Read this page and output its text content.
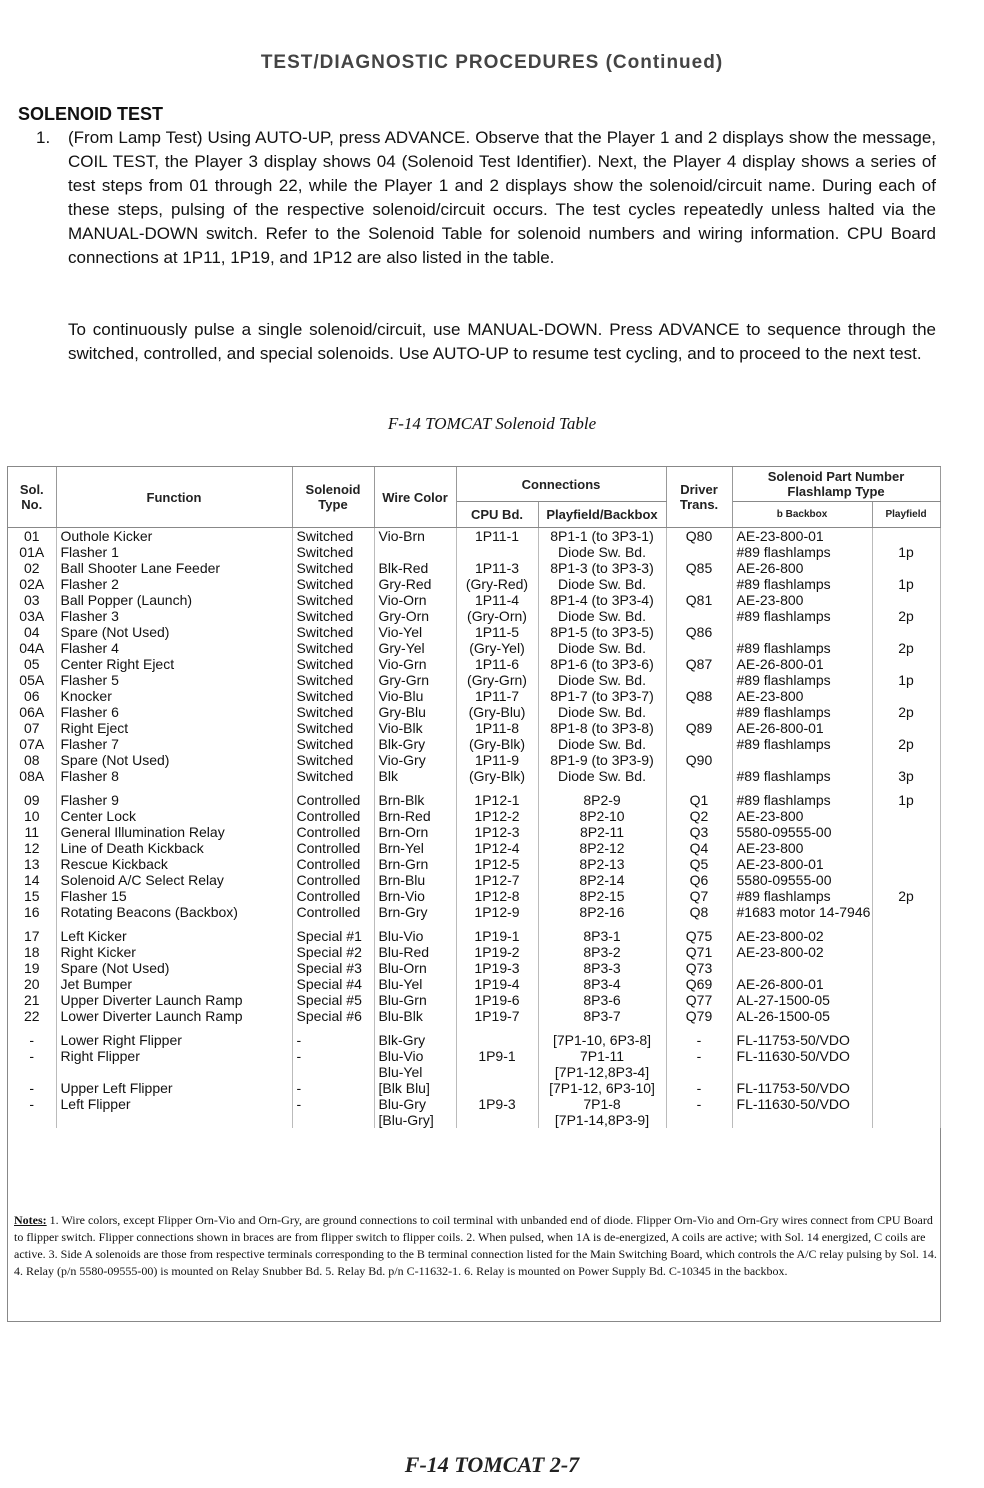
TEST/DIAGNOSTIC PROCEDURES (Continued)
SOLENOID TEST
1. (From Lamp Test) Using AUTO-UP, press ADVANCE. Observe that the Player 1 and 2 displays show the message, COIL TEST, the Player 3 display shows 04 (Solenoid Test Identifier). Next, the Player 4 display shows a series of test steps from 01 through 22, while the Player 1 and 2 displays show the solenoid/circuit name. During each of these steps, pulsing of the respective solenoid/circuit occurs. The test cycles repeatedly unless halted via the MANUAL-DOWN switch. Refer to the Solenoid Table for solenoid numbers and wiring information. CPU Board connections at 1P11, 1P19, and 1P12 are also listed in the table.
To continuously pulse a single solenoid/circuit, use MANUAL-DOWN. Press ADVANCE to sequence through the switched, controlled, and special solenoids. Use AUTO-UP to resume test cycling, and to proceed to the next test.
F-14 TOMCAT Solenoid Table
Sol. No.	Function	Solenoid Type	Wire Color	Connections		Driver Trans.	Solenoid Part Number Flashlamp Type	
				CPU Bd.	Playfield/Backbox		b Backbox	Playfield
01	Outhole Kicker	Switched	Vio-Brn	1P11-1	8P1-1 (to 3P3-1)	Q80	AE-23-800-01	
01A	Flasher 1	Switched			Diode Sw. Bd.		#89 flashlamps	1p
02	Ball Shooter Lane Feeder	Switched	Blk-Red	1P11-3	8P1-3 (to 3P3-3)	Q85	AE-26-800	
02A	Flasher 2	Switched	Gry-Red	(Gry-Red)	Diode Sw. Bd.		#89 flashlamps	1p
03	Ball Popper (Launch)	Switched	Vio-Orn	1P11-4	8P1-4 (to 3P3-4)	Q81	AE-23-800	
03A	Flasher 3	Switched	Gry-Orn	(Gry-Orn)	Diode Sw. Bd.		#89 flashlamps	2p
04	Spare (Not Used)	Switched	Vio-Yel	1P11-5	8P1-5 (to 3P3-5)	Q86		
04A	Flasher 4	Switched	Gry-Yel	(Gry-Yel)	Diode Sw. Bd.		#89 flashlamps	2p
05	Center Right Eject	Switched	Vio-Grn	1P11-6	8P1-6 (to 3P3-6)	Q87	AE-26-800-01	
05A	Flasher 5	Switched	Gry-Grn	(Gry-Grn)	Diode Sw. Bd.		#89 flashlamps	1p
06	Knocker	Switched	Vio-Blu	1P11-7	8P1-7 (to 3P3-7)	Q88	AE-23-800	
06A	Flasher 6	Switched	Gry-Blu	(Gry-Blu)	Diode Sw. Bd.		#89 flashlamps	2p
07	Right Eject	Switched	Vio-Blk	1P11-8	8P1-8 (to 3P3-8)	Q89	AE-26-800-01	
07A	Flasher 7	Switched	Blk-Gry	(Gry-Blk)	Diode Sw. Bd.		#89 flashlamps	2p
08	Spare (Not Used)	Switched	Vio-Gry	1P11-9	8P1-9 (to 3P3-9)	Q90		
08A	Flasher 8	Switched	Blk	(Gry-Blk)	Diode Sw. Bd.		#89 flashlamps	3p

09	Flasher 9	Controlled	Brn-Blk	1P12-1	8P2-9	Q1	#89 flashlamps	1p
10	Center Lock	Controlled	Brn-Red	1P12-2	8P2-10	Q2	AE-23-800	
11	General Illumination Relay	Controlled	Brn-Orn	1P12-3	8P2-11	Q3	5580-09555-00	
12	Line of Death Kickback	Controlled	Brn-Yel	1P12-4	8P2-12	Q4	AE-23-800	
13	Rescue Kickback	Controlled	Brn-Grn	1P12-5	8P2-13	Q5	AE-23-800-01	
14	Solenoid A/C Select Relay	Controlled	Brn-Blu	1P12-7	8P2-14	Q6	5580-09555-00	
15	Flasher 15	Controlled	Brn-Vio	1P12-8	8P2-15	Q7	#89 flashlamps	2p
16	Rotating Beacons (Backbox)	Controlled	Brn-Gry	1P12-9	8P2-16	Q8	#1683 motor 14-7946	

17	Left Kicker	Special #1	Blu-Vio	1P19-1	8P3-1	Q75	AE-23-800-02	
18	Right Kicker	Special #2	Blu-Red	1P19-2	8P3-2	Q71	AE-23-800-02	
19	Spare (Not Used)	Special #3	Blu-Orn	1P19-3	8P3-3	Q73		
20	Jet Bumper	Special #4	Blu-Yel	1P19-4	8P3-4	Q69	AE-26-800-01	
21	Upper Diverter Launch Ramp	Special #5	Blu-Grn	1P19-6	8P3-6	Q77	AL-27-1500-05	
22	Lower Diverter Launch Ramp	Special #6	Blu-Blk	1P19-7	8P3-7	Q79	AL-26-1500-05	

-	Lower Right Flipper	-	Blk-Gry		[7P1-10, 6P3-8]	-	FL-11753-50/VDO	
-	Right Flipper	-	Blu-Vio	1P9-1	7P1-11	-	FL-11630-50/VDO	
			Blu-Yel		[7P1-12,8P3-4]			
-	Upper Left Flipper	-	[Blk Blu]		[7P1-12, 6P3-10]	-	FL-11753-50/VDO	
-	Left Flipper	-	Blu-Gry	1P9-3	7P1-8	-	FL-11630-50/VDO	
			[Blu-Gry]		[7P1-14,8P3-9]			
Notes: 1. Wire colors, except Flipper Orn-Vio and Orn-Gry, are ground connections to coil terminal with unbanded end of diode. Flipper Orn-Vio and Orn-Gry wires connect from CPU Board to flipper switch. Flipper connections shown in braces are from flipper switch to flipper coils. 2. When pulsed, when 1A is de-energized, A coils are active; with Sol. 14 energized, C coils are active. 3. Side A solenoids are those from respective terminals corresponding to the B terminal connection listed for the Main Switching Board, which controls the A/C relay pulsing by Sol. 14. 4. Relay (p/n 5580-09555-00) is mounted on Relay Snubber Bd. 5. Relay Bd. p/n C-11632-1. 6. Relay is mounted on Power Supply Bd. C-10345 in the backbox.
F-14 TOMCAT 2-7
